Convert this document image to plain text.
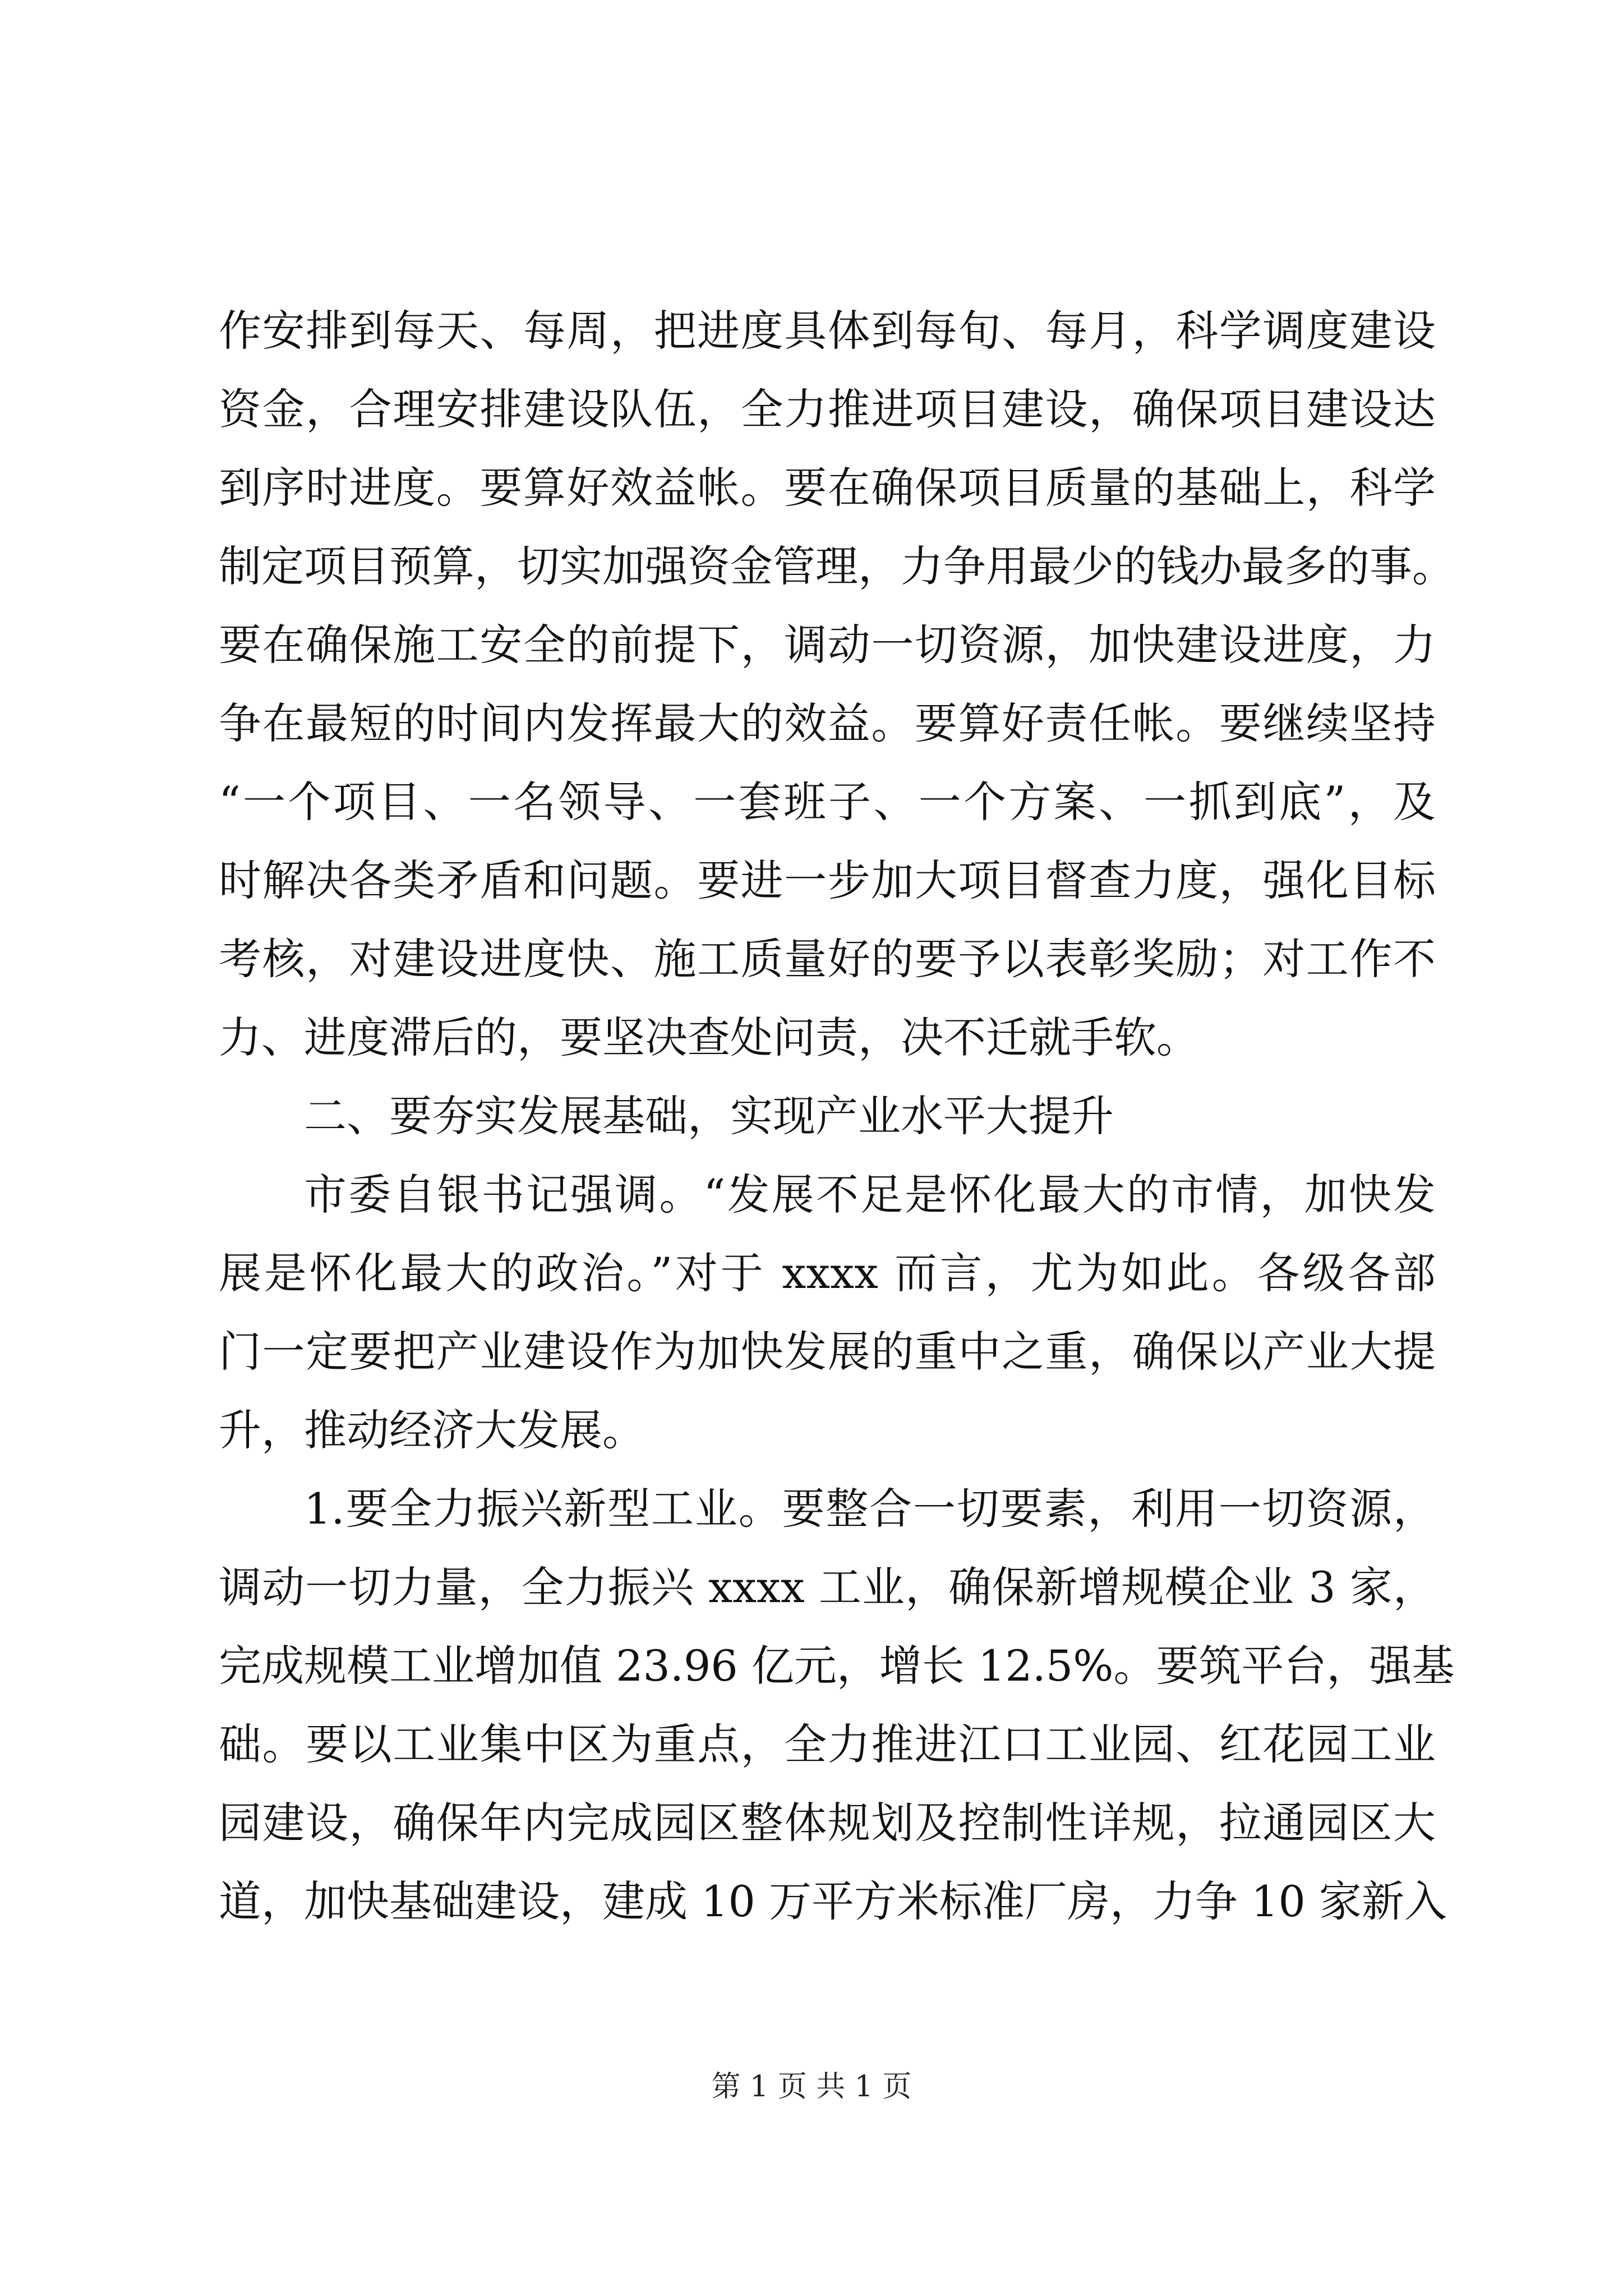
作安排到每天、每周，把进度具体到每旬、每月，科学调度建设
资金，合理安排建设队伍，全力推进项目建设，确保项目建设达
到序时进度。要算好效益帐。要在确保项目质量的基础上，科学
制定项目预算，切实加强资金管理，力争用最少的钱办最多的事。
要在确保施工安全的前提下，调动一切资源，加快建设进度，力
争在最短的时间内发挥最大的效益。要算好责任帐。要继续坚持
“一个项目、一名领导、一套班子、一个方案、一抓到底”，及
时解决各类矛盾和问题。要进一步加大项目督查力度，强化目标
考核，对建设进度快、施工质量好的要予以表彰奖励；对工作不
力、进度滞后的，要坚决查处问责，决不迁就手软。
二、要夯实发展基础，实现产业水平大提升
市委自银书记强调。“发展不足是怀化最大的市情，加快发
展是怀化最大的政治。”对于 xxxx 而言，尤为如此。各级各部
门一定要把产业建设作为加快发展的重中之重，确保以产业大提
升，推动经济大发展。
1.要全力振兴新型工业。要整合一切要素，利用一切资源，
调动一切力量，全力振兴 xxxx 工业，确保新增规模企业 3 家，
完成规模工业增加值 23.96 亿元，增长 12.5%。要筑平台，强基
础。要以工业集中区为重点，全力推进江口工业园、红花园工业
园建设，确保年内完成园区整体规划及控制性详规，拉通园区大
道，加快基础建设，建成 10 万平方米标准厂房，力争 10 家新入
第 1 页 共 1 页
